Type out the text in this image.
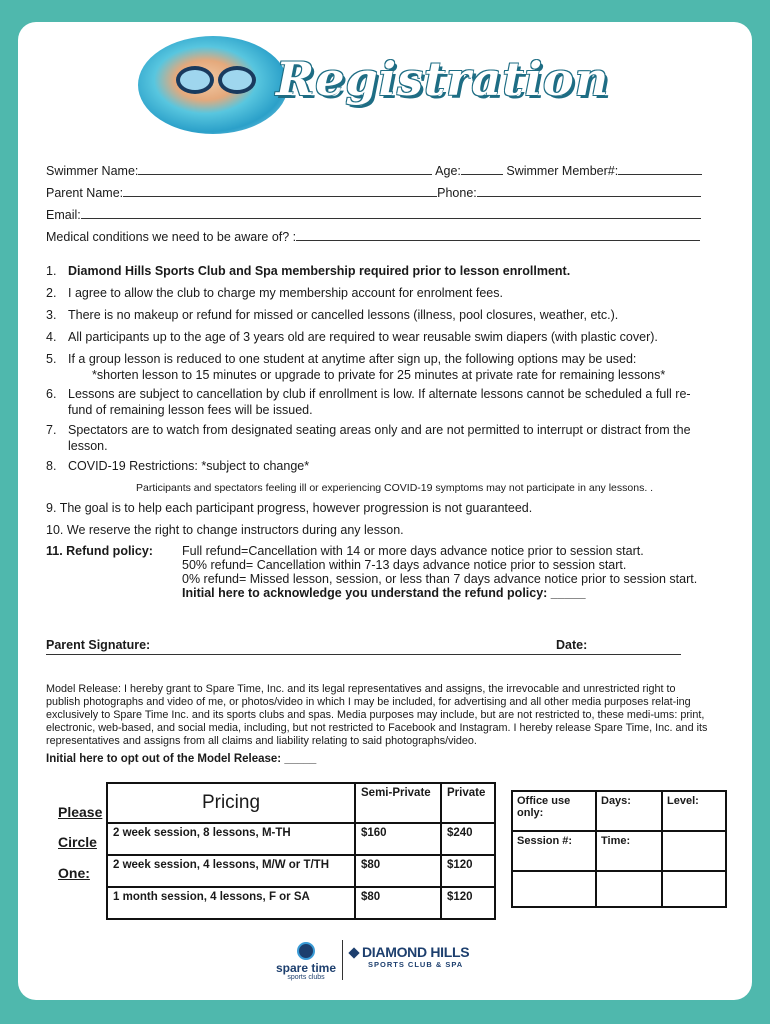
Registration
Swimmer Name:	Age:	Swimmer Member#:
Parent Name:	Phone:
Email:
Medical conditions we need to be aware of? :
1. Diamond Hills Sports Club and Spa membership required prior to lesson enrollment.
2. I agree to allow the club to charge my membership account for enrolment fees.
3. There is no makeup or refund for missed or cancelled lessons (illness, pool closures, weather, etc.).
4. All participants up to the age of 3 years old are required to wear reusable swim diapers (with plastic cover).
5. If a group lesson is reduced to one student at anytime after sign up, the following options may be used:
*shorten lesson to 15 minutes or upgrade to private for 25 minutes at private rate for remaining lessons*
6. Lessons are subject to cancellation by club if enrollment is low. If alternate lessons cannot be scheduled a full re-fund of remaining lesson fees will be issued.
7. Spectators are to watch from designated seating areas only and are not permitted to interrupt or distract from the lesson.
8. COVID-19 Restrictions: *subject to change*
Participants and spectators feeling ill or experiencing COVID-19 symptoms may not participate in any lessons. .
9. The goal is to help each participant progress, however progression is not guaranteed.
10. We reserve the right to change instructors during any lesson.
11. Refund policy: Full refund=Cancellation with 14 or more days advance notice prior to session start.
50% refund= Cancellation within 7-13 days advance notice prior to session start.
0% refund= Missed lesson, session, or less than 7 days advance notice prior to session start.
Initial here to acknowledge you understand the refund policy: _____
Parent Signature:	Date:
Model Release: I hereby grant to Spare Time, Inc. and its legal representatives and assigns, the irrevocable and unrestricted right to publish photographs and video of me, or photos/video in which I may be included, for advertising and all other media purposes relat-ing exclusively to Spare Time Inc. and its sports clubs and spas. Media purposes may include, but are not restricted to, these medi-ums: print, electronic, web-based, and social media, including, but not restricted to Facebook and Instagram. I hereby release Spare Time, Inc. and its representatives and assigns from all claims and liability relating to said photographs/video.
Initial here to opt out of the Model Release: _____
Please
Circle
One:
Pricing	Semi-Private	Private
2 week session, 8 lessons, M-TH	$160	$240
2 week session, 4 lessons, M/W or T/TH	$80	$120
1 month session, 4 lessons, F or SA	$80	$120
Office use only:	Days:	Level:
Session #:	Time:	

spare time
sports clubs
DIAMOND HILLS
SPORTS CLUB & SPA
